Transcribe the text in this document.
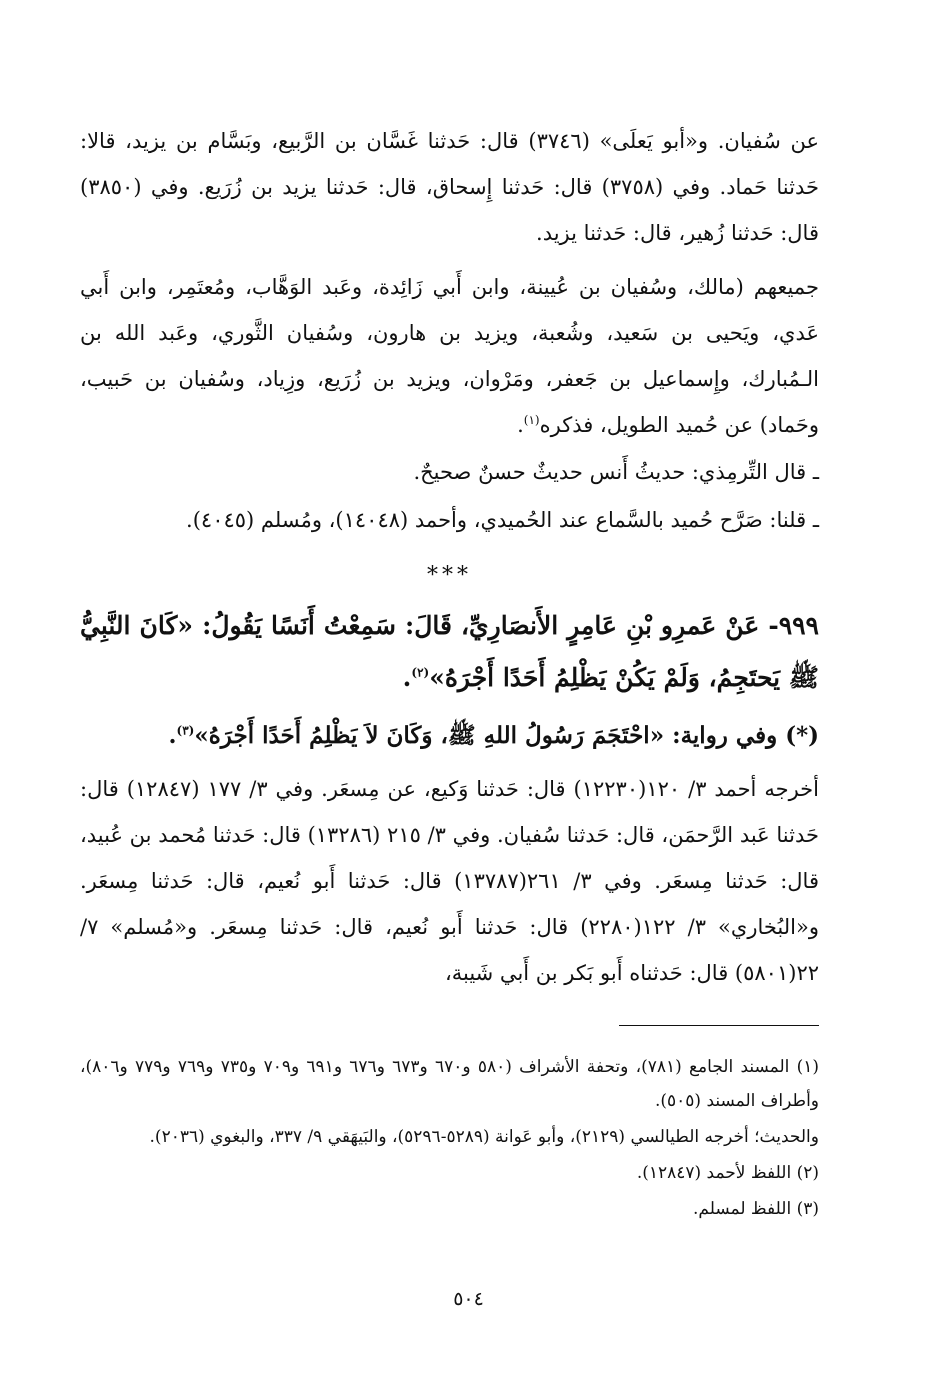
عن سُفيان. و«أبو يَعلَى» (٣٧٤٦) قال: حَدثنا غَسَّان بن الرَّبيع، وبَسَّام بن يزيد، قالا: حَدثنا حَماد. وفي (٣٧٥٨) قال: حَدثنا إِسحاق، قال: حَدثنا يزيد بن زُرَيع. وفي (٣٨٥٠) قال: حَدثنا زُهير، قال: حَدثنا يزيد.

جميعهم (مالك، وسُفيان بن عُيينة، وابن أَبي زَائِدة، وعَبد الوَهَّاب، ومُعتَمِر، وابن أَبي عَدي، ويَحيى بن سَعيد، وشُعبة، ويزيد بن هارون، وسُفيان الثَّوري، وعَبد الله بن الـمُبارك، وإِسماعيل بن جَعفر، ومَرْوان، ويزيد بن زُرَيع، وزِياد، وسُفيان بن حَبيب، وحَماد) عن حُميد الطويل، فذكره$^{(١)}$.

ـ قال التِّرمِذي: حديثُ أَنس حديثٌ حسنٌ صحيحٌ.

ـ قلنا: صَرَّح حُميد بالسَّماع عند الحُميدي، وأحمد (١٤٠٤٨)، ومُسلم (٤٠٤٥).

***

٩٩٩- عَنْ عَمرِو بْنِ عَامِرٍ الأَنصَارِيِّ، قَالَ: سَمِعْتُ أَنَسًا يَقُولُ: «كَانَ النَّبِيُّ ﷺ يَحتَجِمُ، وَلَمْ يَكُنْ يَظْلِمُ أَحَدًا أَجْرَهُ»$^{(٢)}$.

(*) وفي رواية: «احْتَجَمَ رَسُولُ اللهِ ﷺ، وَكَانَ لاَ يَظْلِمُ أَحَدًا أَجْرَهُ»$^{(٣)}$.

أخرجه أحمد ٣/ ١٢٠(١٢٢٣٠) قال: حَدثنا وَكيع، عن مِسعَر. وفي ٣/ ١٧٧ (١٢٨٤٧) قال: حَدثنا عَبد الرَّحمَن، قال: حَدثنا سُفيان. وفي ٣/ ٢١٥ (١٣٢٨٦) قال: حَدثنا مُحمد بن عُبيد، قال: حَدثنا مِسعَر. وفي ٣/ ٢٦١(١٣٧٨٧) قال: حَدثنا أَبو نُعيم، قال: حَدثنا مِسعَر. و«البُخاري» ٣/ ١٢٢(٢٢٨٠) قال: حَدثنا أَبو نُعيم، قال: حَدثنا مِسعَر. و«مُسلم» ٧/ ٢٢(٥٨٠١) قال: حَدثناه أَبو بَكر بن أَبي شَيبة،

(١) المسند الجامع (٧٨١)، وتحفة الأشراف (٥٨٠ و٦٧٠ و٦٧٣ و٦٧٦ و٦٩١ و٧٠٩ و٧٣٥ و٧٦٩ و٧٧٩ و٨٠٦)، وأطراف المسند (٥٠٥).

والحديث؛ أخرجه الطيالسي (٢١٢٩)، وأبو عَوانة (٥٢٨٩-٥٢٩٦)، والبَيهَقي ٩/ ٣٣٧، والبغوي (٢٠٣٦).

(٢) اللفظ لأحمد (١٢٨٤٧).

(٣) اللفظ لمسلم.

٥٠٤
